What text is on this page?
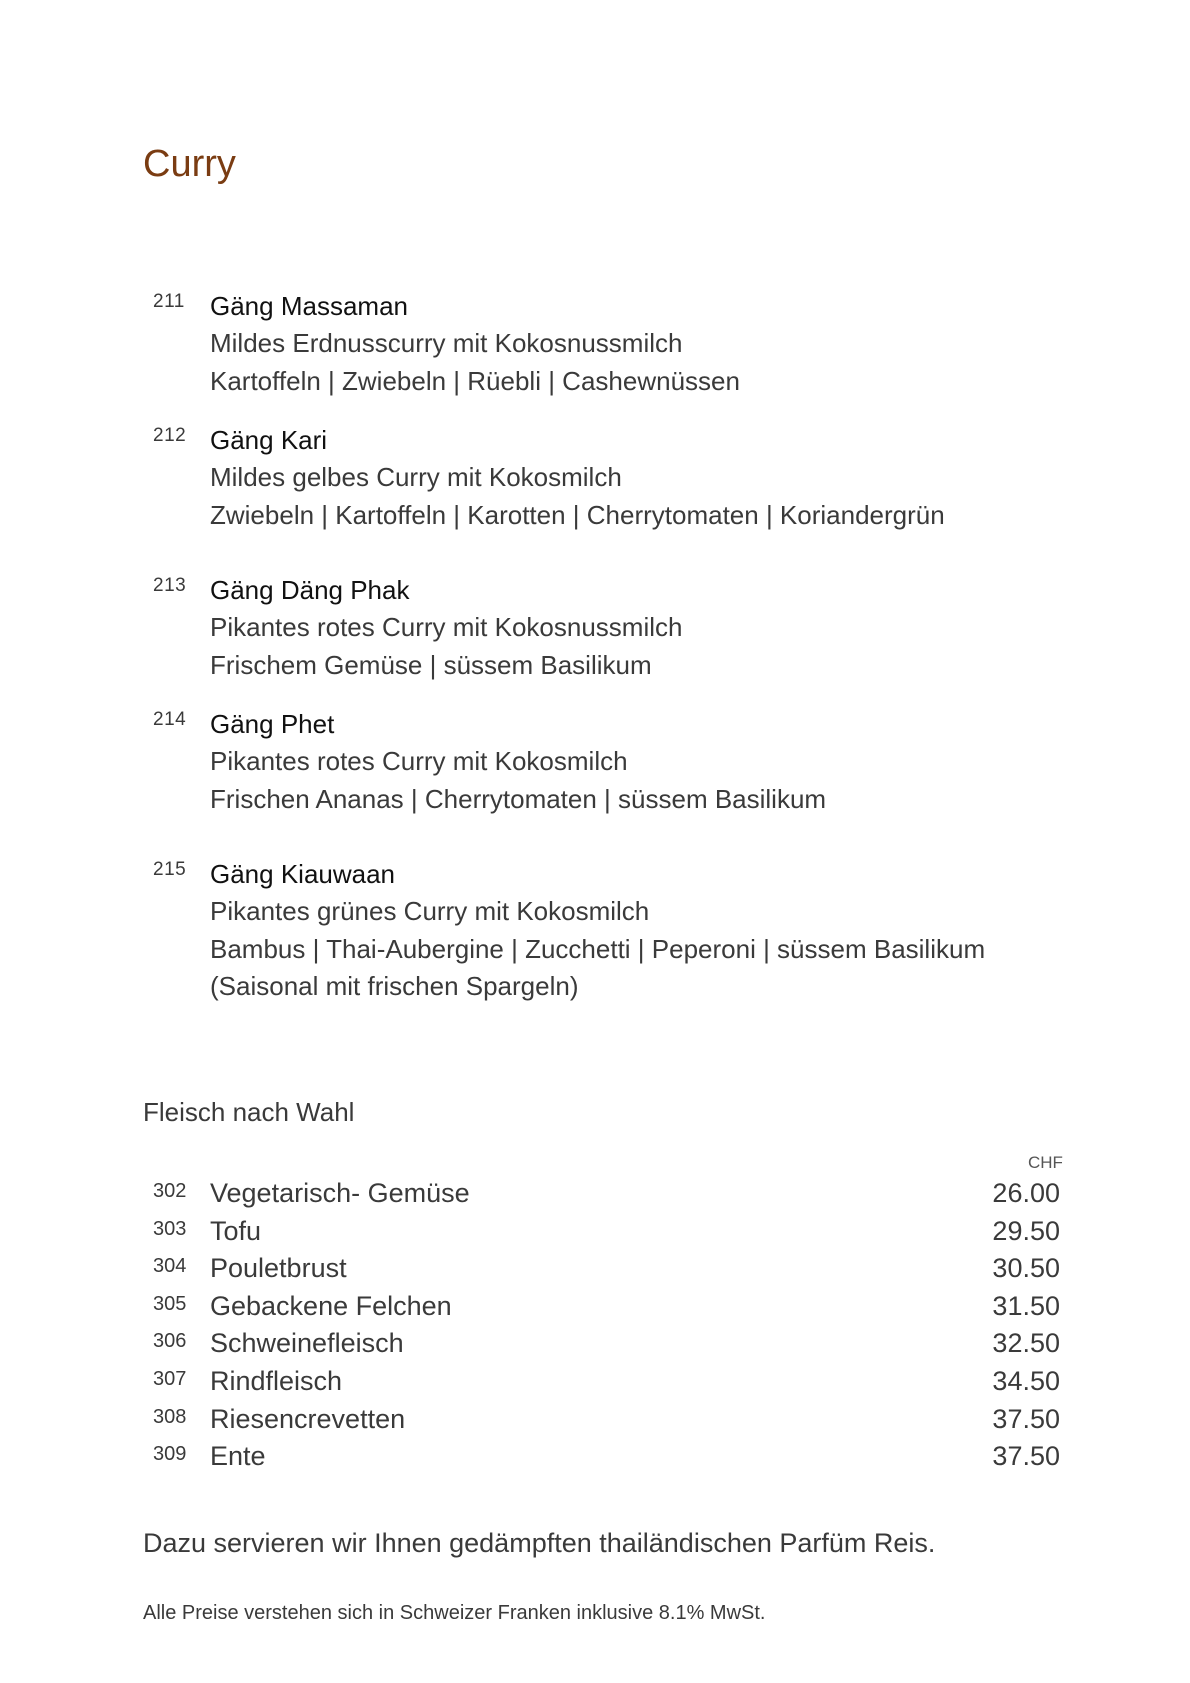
Curry
211 Gäng Massaman
Mildes Erdnusscurry mit Kokosnussmilch
Kartoffeln | Zwiebeln | Rüebli | Cashewnüssen
212 Gäng Kari
Mildes gelbes Curry mit Kokosmilch
Zwiebeln | Kartoffeln | Karotten | Cherrytomaten | Koriandergrün
213 Gäng Däng Phak
Pikantes rotes Curry mit Kokosnussmilch
Frischem Gemüse | süssem Basilikum
214 Gäng Phet
Pikantes rotes Curry mit Kokosmilch
Frischen Ananas | Cherrytomaten | süssem Basilikum
215 Gäng Kiauwaan
Pikantes grünes Curry mit Kokosmilch
Bambus | Thai-Aubergine | Zucchetti | Peperoni | süssem Basilikum
(Saisonal mit frischen Spargeln)
Fleisch nach Wahl
CHF
302 Vegetarisch- Gemüse	26.00
303 Tofu	29.50
304 Pouletbrust	30.50
305 Gebackene Felchen	31.50
306 Schweinefleisch	32.50
307 Rindfleisch	34.50
308 Riesencrevetten	37.50
309 Ente	37.50
Dazu servieren wir Ihnen gedämpften thailändischen Parfüm Reis.
Alle Preise verstehen sich in Schweizer Franken inklusive 8.1% MwSt.
